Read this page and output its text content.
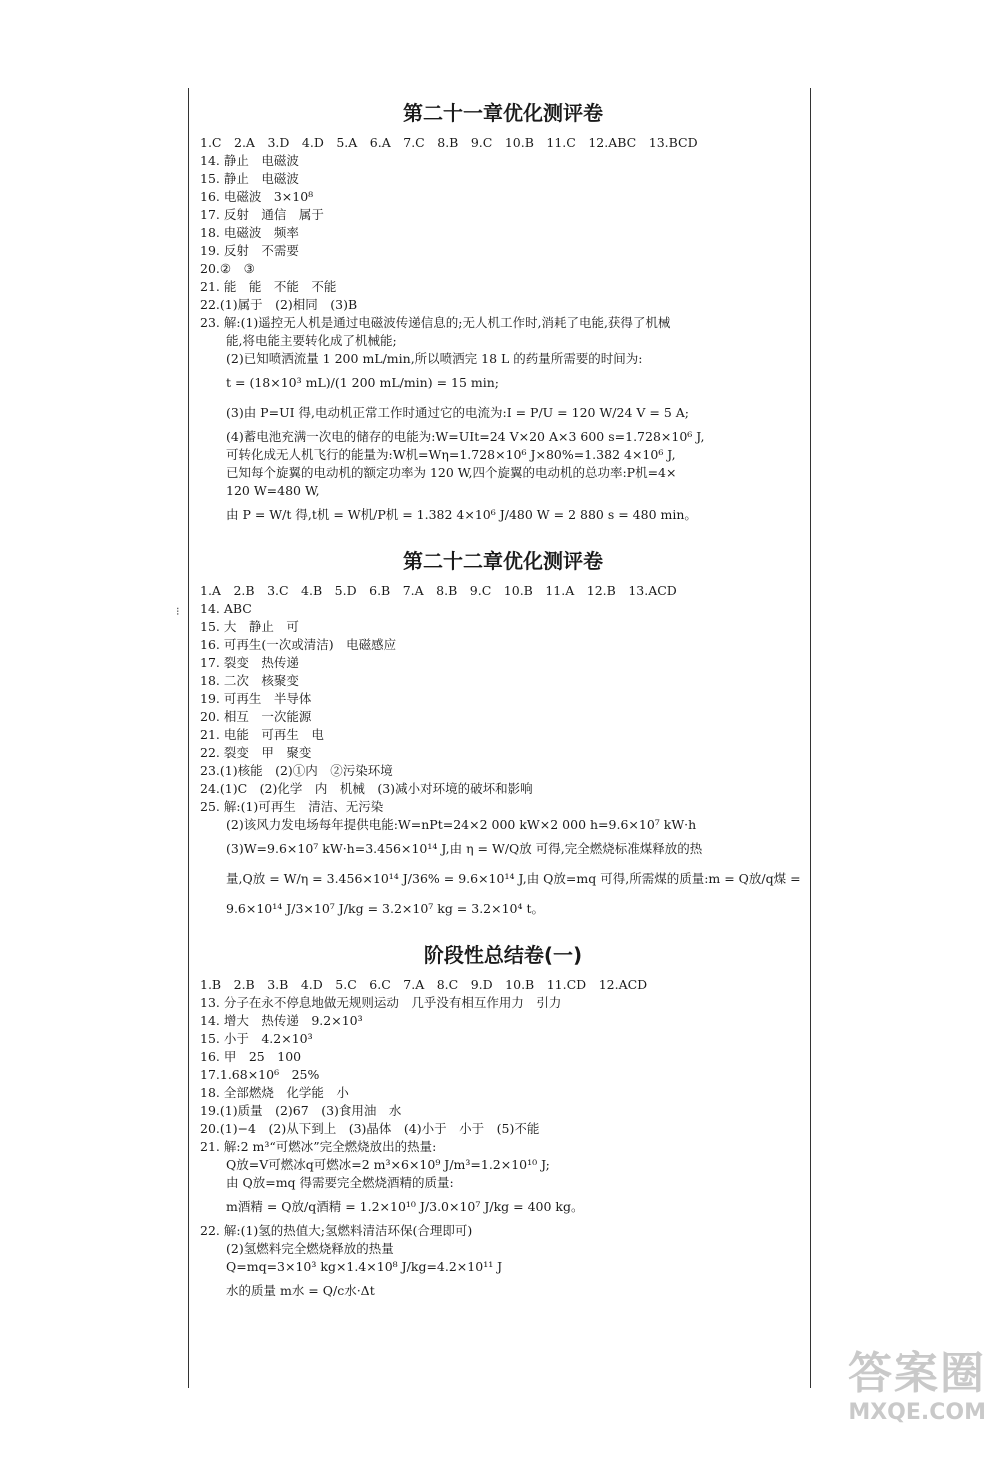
⁝
第二十一章优化测评卷
1.C　2.A　3.D　4.D　5.A　6.A　7.C　8.B　9.C　10.B　11.C　12.ABC　13.BCD
14. 静止　电磁波
15. 静止　电磁波
16. 电磁波　3×10⁸
17. 反射　通信　属于
18. 电磁波　频率
19. 反射　不需要
20.②　③
21. 能　能　不能　不能
22.(1)属于　(2)相同　(3)B
23. 解:(1)遥控无人机是通过电磁波传递信息的;无人机工作时,消耗了电能,获得了机械
能,将电能主要转化成了机械能;
(2)已知喷洒流量 1 200 mL/min,所以喷洒完 18 L 的药量所需要的时间为:
t = (18×10³ mL)/(1 200 mL/min) = 15 min;
(3)由 P=UI 得,电动机正常工作时通过它的电流为:I = P/U = 120 W/24 V = 5 A;
(4)蓄电池充满一次电的储存的电能为:W=UIt=24 V×20 A×3 600 s=1.728×10⁶ J,
可转化成无人机飞行的能量为:W机=Wη=1.728×10⁶ J×80%=1.382 4×10⁶ J,
已知每个旋翼的电动机的额定功率为 120 W,四个旋翼的电动机的总功率:P机=4×
120 W=480 W,
由 P = W/t 得,t机 = W机/P机 = 1.382 4×10⁶ J/480 W = 2 880 s = 480 min。
第二十二章优化测评卷
1.A　2.B　3.C　4.B　5.D　6.B　7.A　8.B　9.C　10.B　11.A　12.B　13.ACD
14. ABC
15. 大　静止　可
16. 可再生(一次或清洁)　电磁感应
17. 裂变　热传递
18. 二次　核聚变
19. 可再生　半导体
20. 相互　一次能源
21. 电能　可再生　电
22. 裂变　甲　聚变
23.(1)核能　(2)①内　②污染环境
24.(1)C　(2)化学　内　机械　(3)减小对环境的破坏和影响
25. 解:(1)可再生　清洁、无污染
(2)该风力发电场每年提供电能:W=nPt=24×2 000 kW×2 000 h=9.6×10⁷ kW·h
(3)W=9.6×10⁷ kW·h=3.456×10¹⁴ J,由 η = W/Q放 可得,完全燃烧标准煤释放的热
量,Q放 = W/η = 3.456×10¹⁴ J/36% = 9.6×10¹⁴ J,由 Q放=mq 可得,所需煤的质量:m = Q放/q煤 =
9.6×10¹⁴ J/3×10⁷ J/kg = 3.2×10⁷ kg = 3.2×10⁴ t。
阶段性总结卷(一)
1.B　2.B　3.B　4.D　5.C　6.C　7.A　8.C　9.D　10.B　11.CD　12.ACD
13. 分子在永不停息地做无规则运动　几乎没有相互作用力　引力
14. 增大　热传递　9.2×10³
15. 小于　4.2×10³
16. 甲　25　100
17.1.68×10⁶　25%
18. 全部燃烧　化学能　小
19.(1)质量　(2)67　(3)食用油　水
20.(1)−4　(2)从下到上　(3)晶体　(4)小于　小于　(5)不能
21. 解:2 m³“可燃冰”完全燃烧放出的热量:
Q放=V可燃冰q可燃冰=2 m³×6×10⁹ J/m³=1.2×10¹⁰ J;
由 Q放=mq 得需要完全燃烧酒精的质量:
m酒精 = Q放/q酒精 = 1.2×10¹⁰ J/3.0×10⁷ J/kg = 400 kg。
22. 解:(1)氢的热值大;氢燃料清洁环保(合理即可)
(2)氢燃料完全燃烧释放的热量
Q=mq=3×10³ kg×1.4×10⁸ J/kg=4.2×10¹¹ J
水的质量 m水 = Q/c水·Δt
答案圈
MXQE.COM
